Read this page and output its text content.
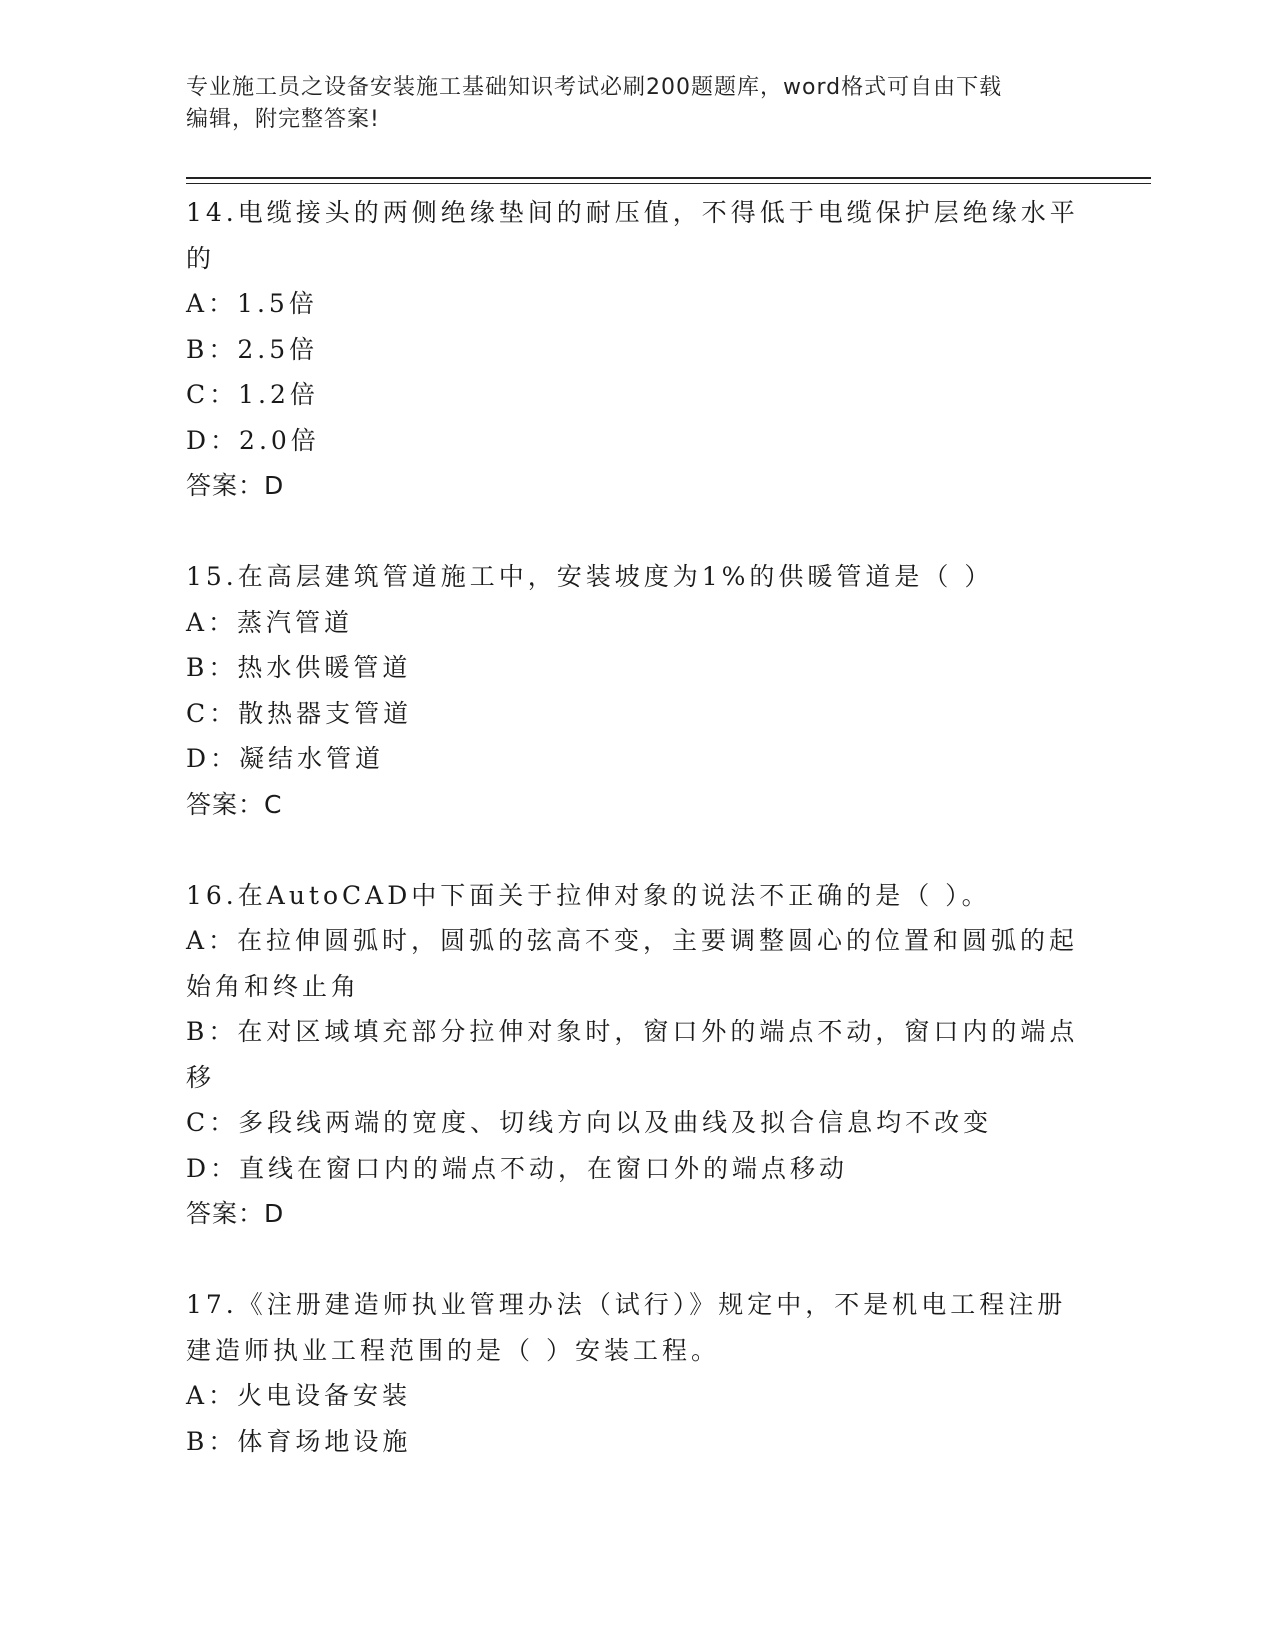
专业施工员之设备安装施工基础知识考试必刷200题题库，word格式可自由下载
编辑，附完整答案!
14.电缆接头的两侧绝缘垫间的耐压值，不得低于电缆保护层绝缘水平
的
A：1.5倍
B：2.5倍
C：1.2倍
D：2.0倍
答案：D
15.在高层建筑管道施工中，安装坡度为1%的供暖管道是（ ）
A：蒸汽管道
B：热水供暖管道
C：散热器支管道
D：凝结水管道
答案：C
16.在AutoCAD中下面关于拉伸对象的说法不正确的是（ ）。
A：在拉伸圆弧时，圆弧的弦高不变，主要调整圆心的位置和圆弧的起
始角和终止角
B：在对区域填充部分拉伸对象时，窗口外的端点不动，窗口内的端点
移
C：多段线两端的宽度、切线方向以及曲线及拟合信息均不改变
D：直线在窗口内的端点不动，在窗口外的端点移动
答案：D
17.《注册建造师执业管理办法（试行）》规定中，不是机电工程注册
建造师执业工程范围的是（ ）安装工程。
A：火电设备安装
B：体育场地设施
